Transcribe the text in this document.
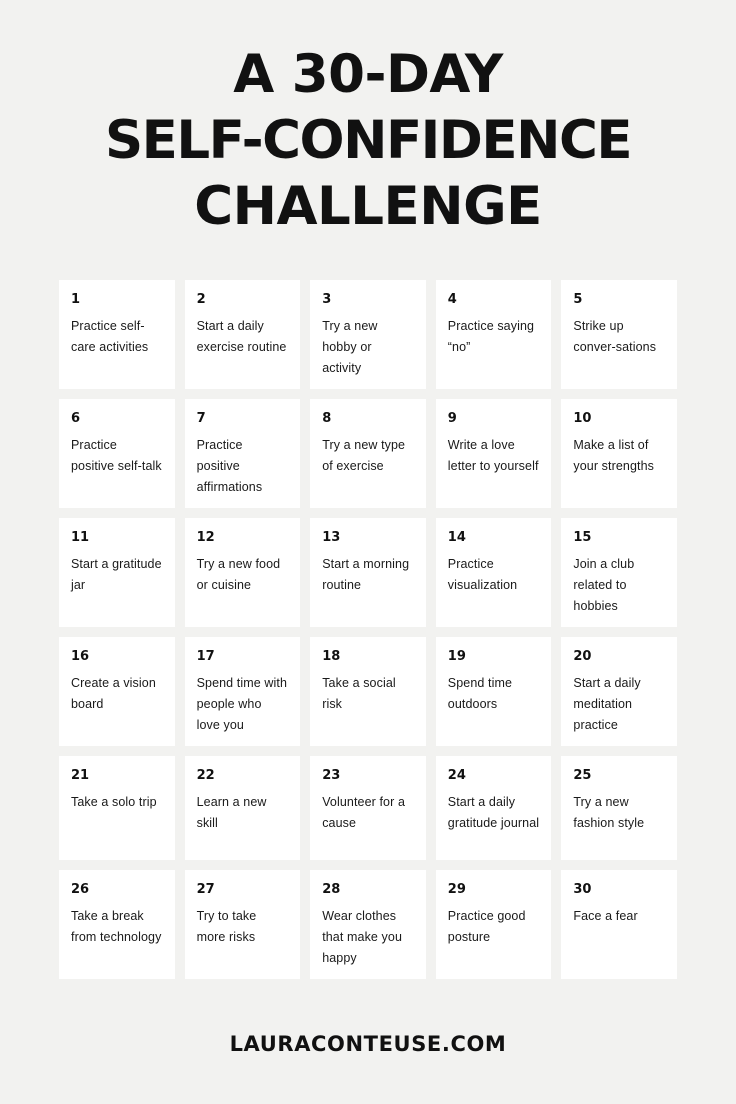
A 30-DAY
SELF-CONFIDENCE
CHALLENGE
1
Practice self-care activities
2
Start a daily exercise routine
3
Try a new hobby or activity
4
Practice saying “no”
5
Strike up conver-sations
6
Practice positive self-talk
7
Practice positive affirmations
8
Try a new type of exercise
9
Write a love letter to yourself
10
Make a list of your strengths
11
Start a gratitude jar
12
Try a new food or cuisine
13
Start a morning routine
14
Practice visualization
15
Join a club related to hobbies
16
Create a vision board
17
Spend time with people who love you
18
Take a social risk
19
Spend time outdoors
20
Start a daily meditation practice
21
Take a solo trip
22
Learn a new skill
23
Volunteer for a cause
24
Start a daily gratitude journal
25
Try a new fashion style
26
Take a break from technology
27
Try to take more risks
28
Wear clothes that make you happy
29
Practice good posture
30
Face a fear
LAURACONTEUSE.COM
